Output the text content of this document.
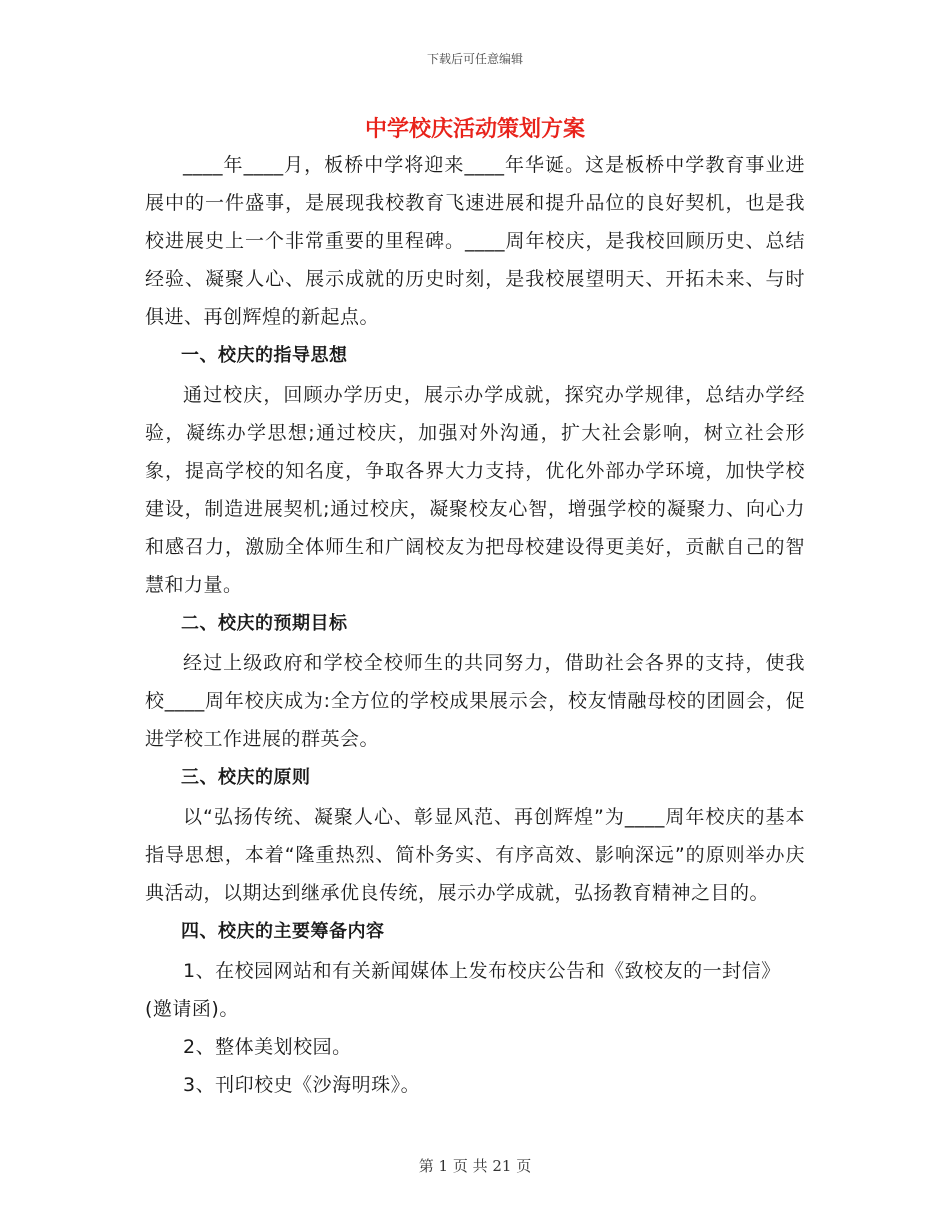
下载后可任意编辑
中学校庆活动策划方案

____年____月，板桥中学将迎来____年华诞。这是板桥中学教育事业进展中的一件盛事，是展现我校教育飞速进展和提升品位的良好契机，也是我校进展史上一个非常重要的里程碑。____周年校庆，是我校回顾历史、总结经验、凝聚人心、展示成就的历史时刻，是我校展望明天、开拓未来、与时俱进、再创辉煌的新起点。

一、校庆的指导思想

通过校庆，回顾办学历史，展示办学成就，探究办学规律，总结办学经验，凝练办学思想;通过校庆，加强对外沟通，扩大社会影响，树立社会形象，提高学校的知名度，争取各界大力支持，优化外部办学环境，加快学校建设，制造进展契机;通过校庆，凝聚校友心智，增强学校的凝聚力、向心力和感召力，激励全体师生和广阔校友为把母校建设得更美好，贡献自己的智慧和力量。

二、校庆的预期目标

经过上级政府和学校全校师生的共同努力，借助社会各界的支持，使我校____周年校庆成为:全方位的学校成果展示会，校友情融母校的团圆会，促进学校工作进展的群英会。

三、校庆的原则

以“弘扬传统、凝聚人心、彰显风范、再创辉煌”为____周年校庆的基本指导思想，本着“隆重热烈、简朴务实、有序高效、影响深远”的原则举办庆典活动，以期达到继承优良传统，展示办学成就，弘扬教育精神之目的。

四、校庆的主要筹备内容

1、在校园网站和有关新闻媒体上发布校庆公告和《致校友的一封信》(邀请函)。

2、整体美划校园。

3、刊印校史《沙海明珠》。

第 1 页 共 21 页
